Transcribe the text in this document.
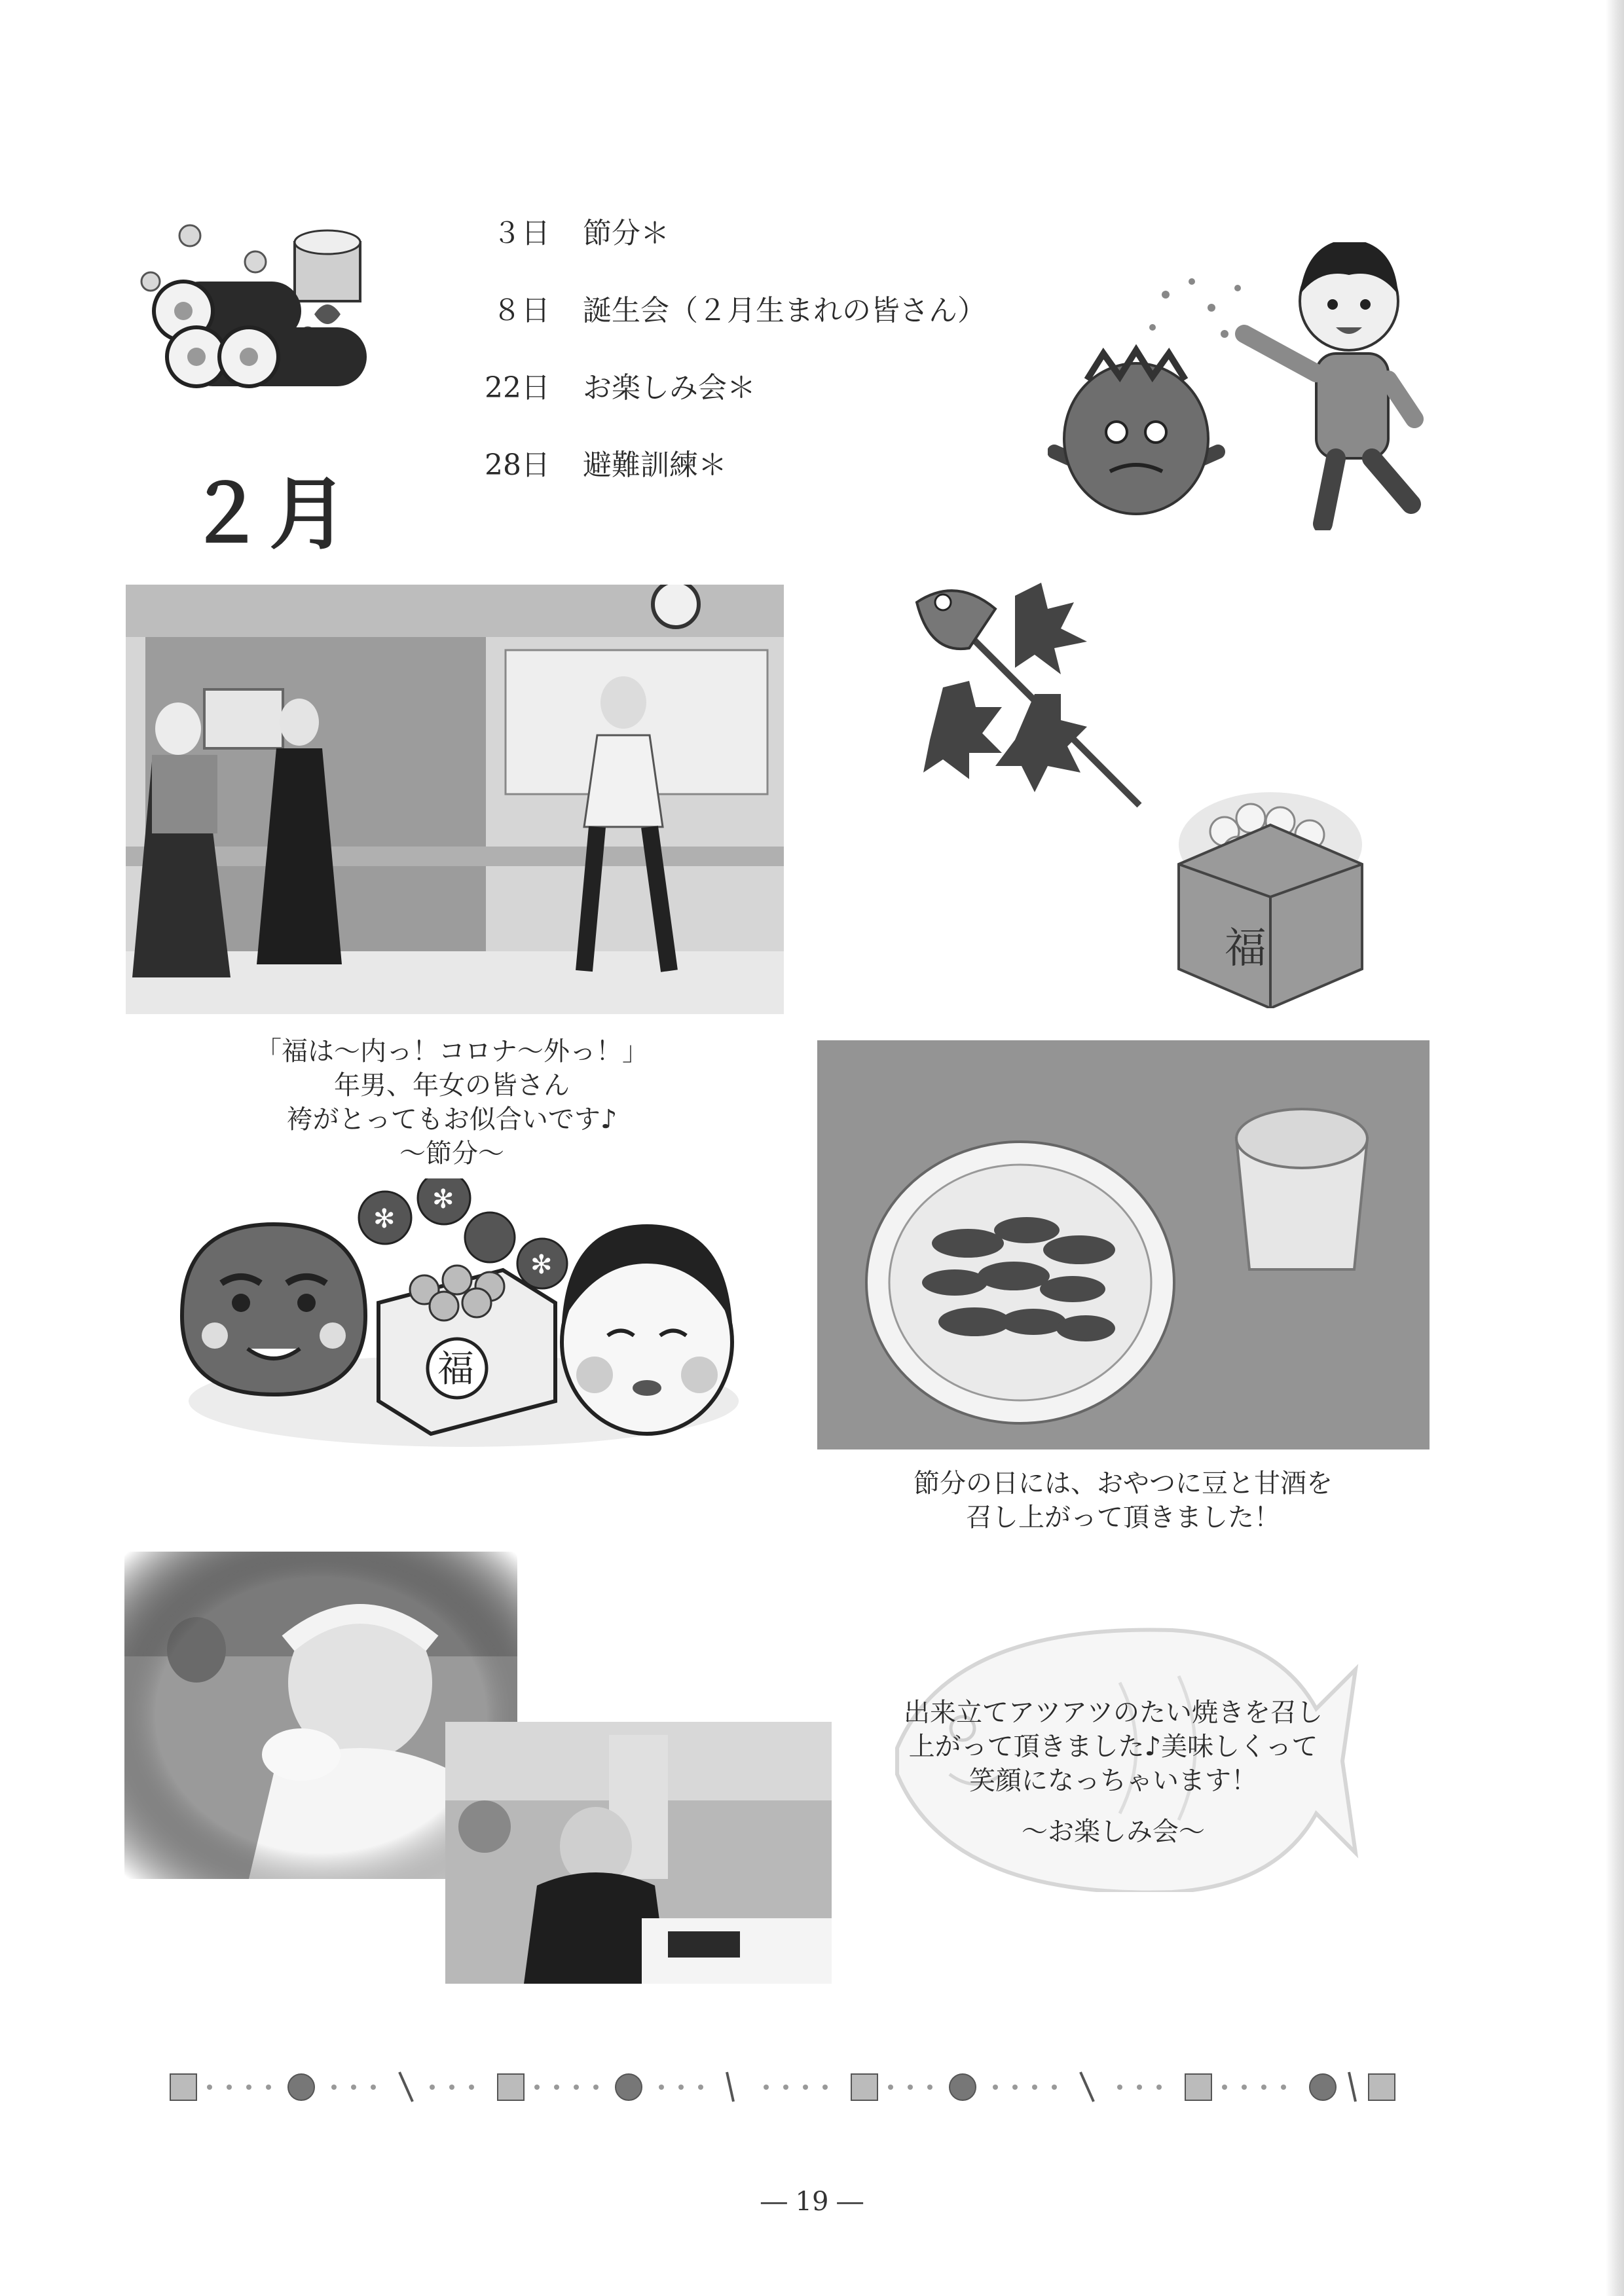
２月
３日 節分＊
８日 誕生会（２月生まれの皆さん）
22日 お楽しみ会＊
28日 避難訓練＊
「福は〜内っ！コロナ〜外っ！」
年男、年女の皆さん
袴がとってもお似合いです♪
〜節分〜
福
節分の日には、おやつに豆と甘酒を
召し上がって頂きました！
✻
✻
✻
福
出来立てアツアツのたい焼きを召し
上がって頂きました♪美味しくって
笑顔になっちゃいます！
〜お楽しみ会〜
― 19 ―
